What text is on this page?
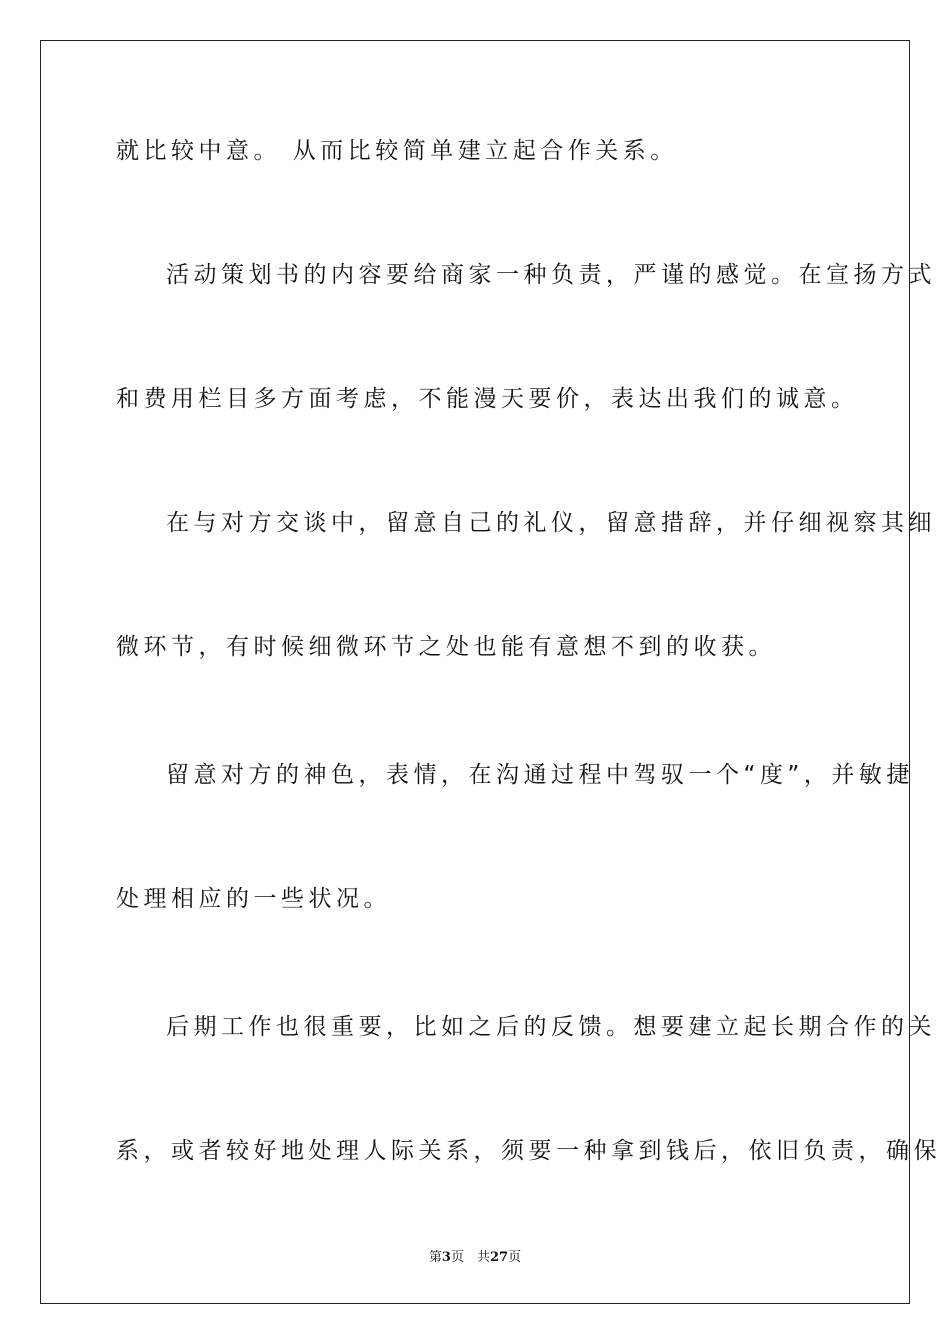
就比较中意。 从而比较简单建立起合作关系。
活动策划书的内容要给商家一种负责，严谨的感觉。在宣扬方式
和费用栏目多方面考虑，不能漫天要价，表达出我们的诚意。
在与对方交谈中，留意自己的礼仪，留意措辞，并仔细视察其细
微环节，有时候细微环节之处也能有意想不到的收获。
留意对方的神色，表情，在沟通过程中驾驭一个“度”，并敏捷
处理相应的一些状况。
后期工作也很重要，比如之后的反馈。想要建立起长期合作的关
系，或者较好地处理人际关系，须要一种拿到钱后，依旧负责，确保
第3页　共27页
